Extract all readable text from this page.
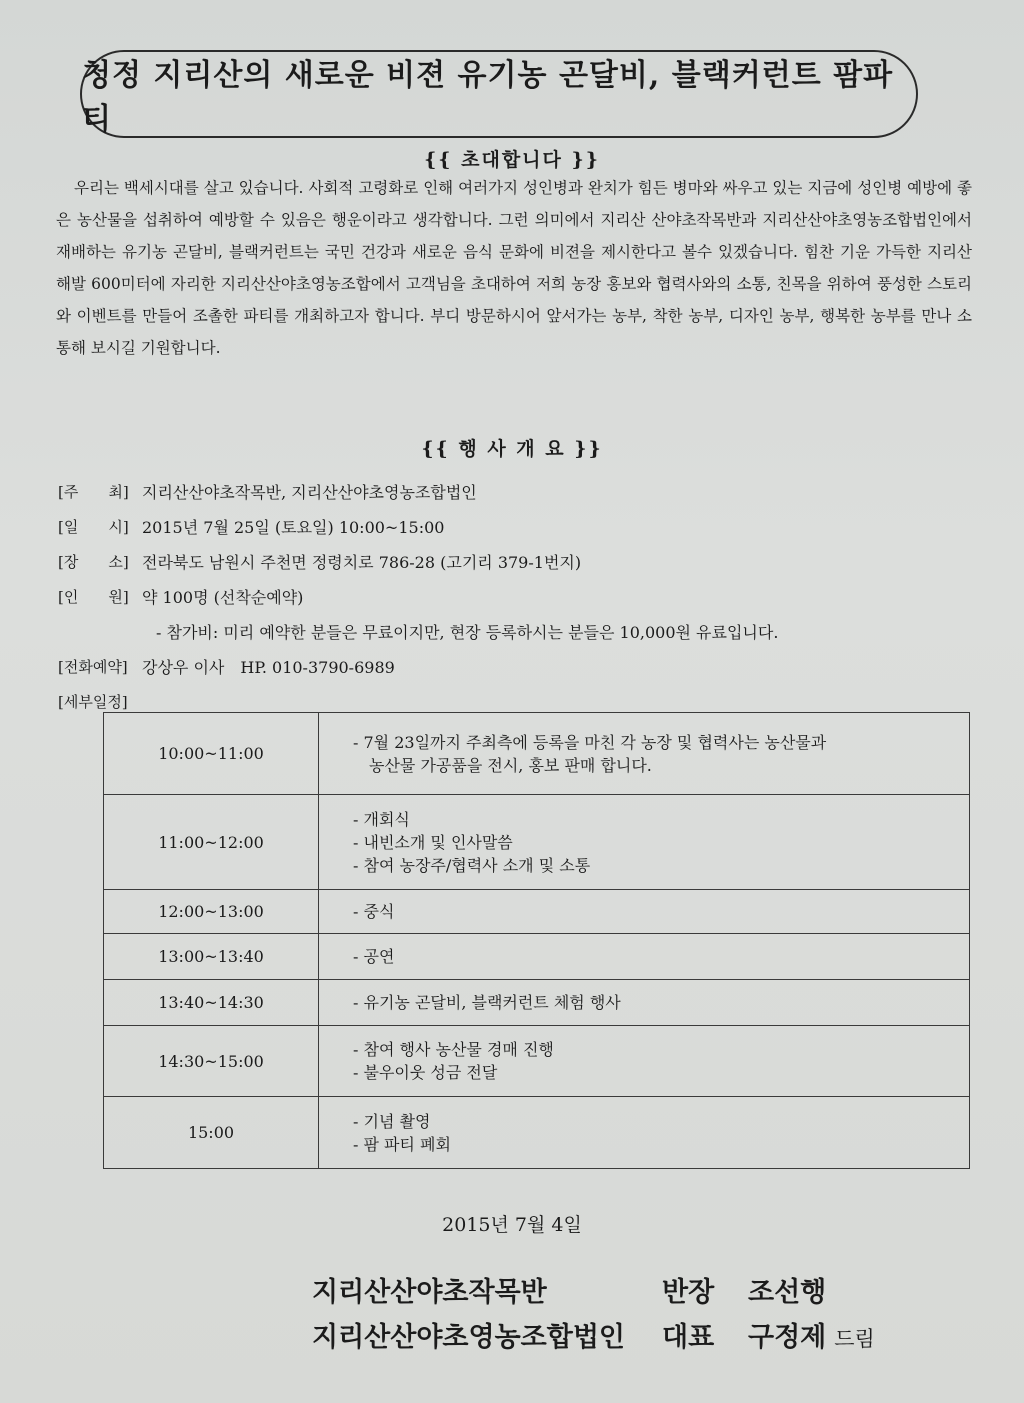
청정 지리산의 새로운 비젼 유기농 곤달비, 블랙커런트 팜파티
{{ 초대합니다 }}

우리는 백세시대를 살고 있습니다. 사회적 고령화로 인해 여러가지 성인병과 완치가 힘든 병마와 싸우고 있는 지금에 성인병 예방에 좋은 농산물을 섭취하여 예방할 수 있음은 행운이라고 생각합니다. 그런 의미에서 지리산 산야초작목반과 지리산산야초영농조합법인에서 재배하는 유기농 곤달비, 블랙커런트는 국민 건강과 새로운 음식 문화에 비젼을 제시한다고 볼수 있겠습니다. 힘찬 기운 가득한 지리산 해발 600미터에 자리한 지리산산야초영농조합에서 고객님을 초대하여 저희 농장 홍보와 협력사와의 소통, 친목을 위하여 풍성한 스토리와 이벤트를 만들어 조촐한 파티를 개최하고자 합니다. 부디 방문하시어 앞서가는 농부, 착한 농부, 디자인 농부, 행복한 농부를 만나 소통해 보시길 기원합니다.

{{ 행 사 개 요 }}
[주　　최] 지리산산야초작목반, 지리산산야초영농조합법인
[일　　시] 2015년 7월 25일 (토요일) 10:00~15:00
[장　　소] 전라북도 남원시 주천면 정령치로 786-28 (고기리 379-1번지)
[인　　원] 약 100명 (선착순예약)
- 참가비: 미리 예약한 분들은 무료이지만, 현장 등록하시는 분들은 10,000원 유료입니다.
[전화예약] 강상우 이사　HP. 010-3790-6989
[세부일정]
10:00~11:00	- 7월 23일까지 주최측에 등록을 마친 각 농장 및 협력사는 농산물과
농산물 가공품을 전시, 홍보 판매 합니다.

11:00~12:00	- 개회식
- 내빈소개 및 인사말씀
- 참여 농장주/협력사 소개 및 소통

12:00~13:00	- 중식

13:00~13:40	- 공연

13:40~14:30	- 유기농 곤달비, 블랙커런트 체험 행사

14:30~15:00	- 참여 행사 농산물 경매 진행
- 불우이웃 성금 전달

15:00	- 기념 촬영
- 팜 파티 폐회
2015년 7월 4일
지리산산야초작목반	반장 조선행
지리산산야초영농조합법인 대표 구정제 드림
